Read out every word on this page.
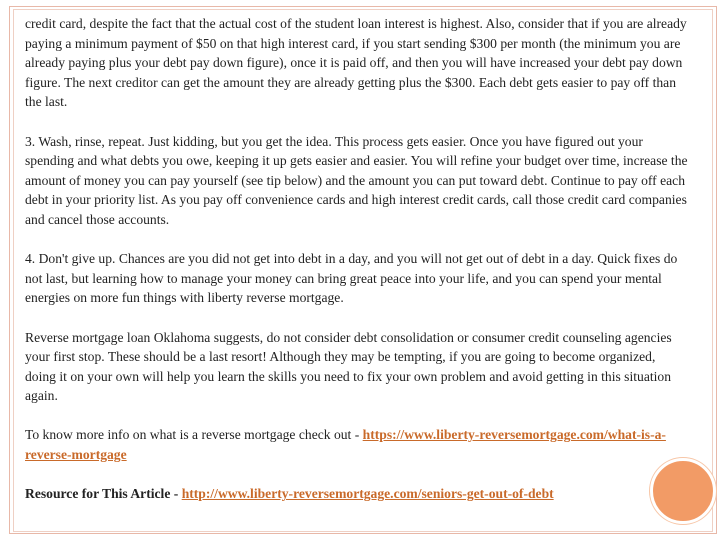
credit card, despite the fact that the actual cost of the student loan interest is highest. Also, consider that if you are already paying a minimum payment of $50 on that high interest card, if you start sending $300 per month (the minimum you are already paying plus your debt pay down figure), once it is paid off, and then you will have increased your debt pay down figure. The next creditor can get the amount they are already getting plus the $300. Each debt gets easier to pay off than the last.

3. Wash, rinse, repeat. Just kidding, but you get the idea. This process gets easier. Once you have figured out your spending and what debts you owe, keeping it up gets easier and easier. You will refine your budget over time, increase the amount of money you can pay yourself (see tip below) and the amount you can put toward debt. Continue to pay off each debt in your priority list. As you pay off convenience cards and high interest credit cards, call those credit card companies and cancel those accounts.

4. Don't give up. Chances are you did not get into debt in a day, and you will not get out of debt in a day. Quick fixes do not last, but learning how to manage your money can bring great peace into your life, and you can spend your mental energies on more fun things with liberty reverse mortgage.

Reverse mortgage loan Oklahoma suggests, do not consider debt consolidation or consumer credit counseling agencies your first stop. These should be a last resort! Although they may be tempting, if you are going to become organized, doing it on your own will help you learn the skills you need to fix your own problem and avoid getting in this situation again.

To know more info on what is a reverse mortgage check out - https://www.liberty-reversemortgage.com/what-is-a-reverse-mortgage

Resource for This Article - http://www.liberty-reversemortgage.com/seniors-get-out-of-debt
